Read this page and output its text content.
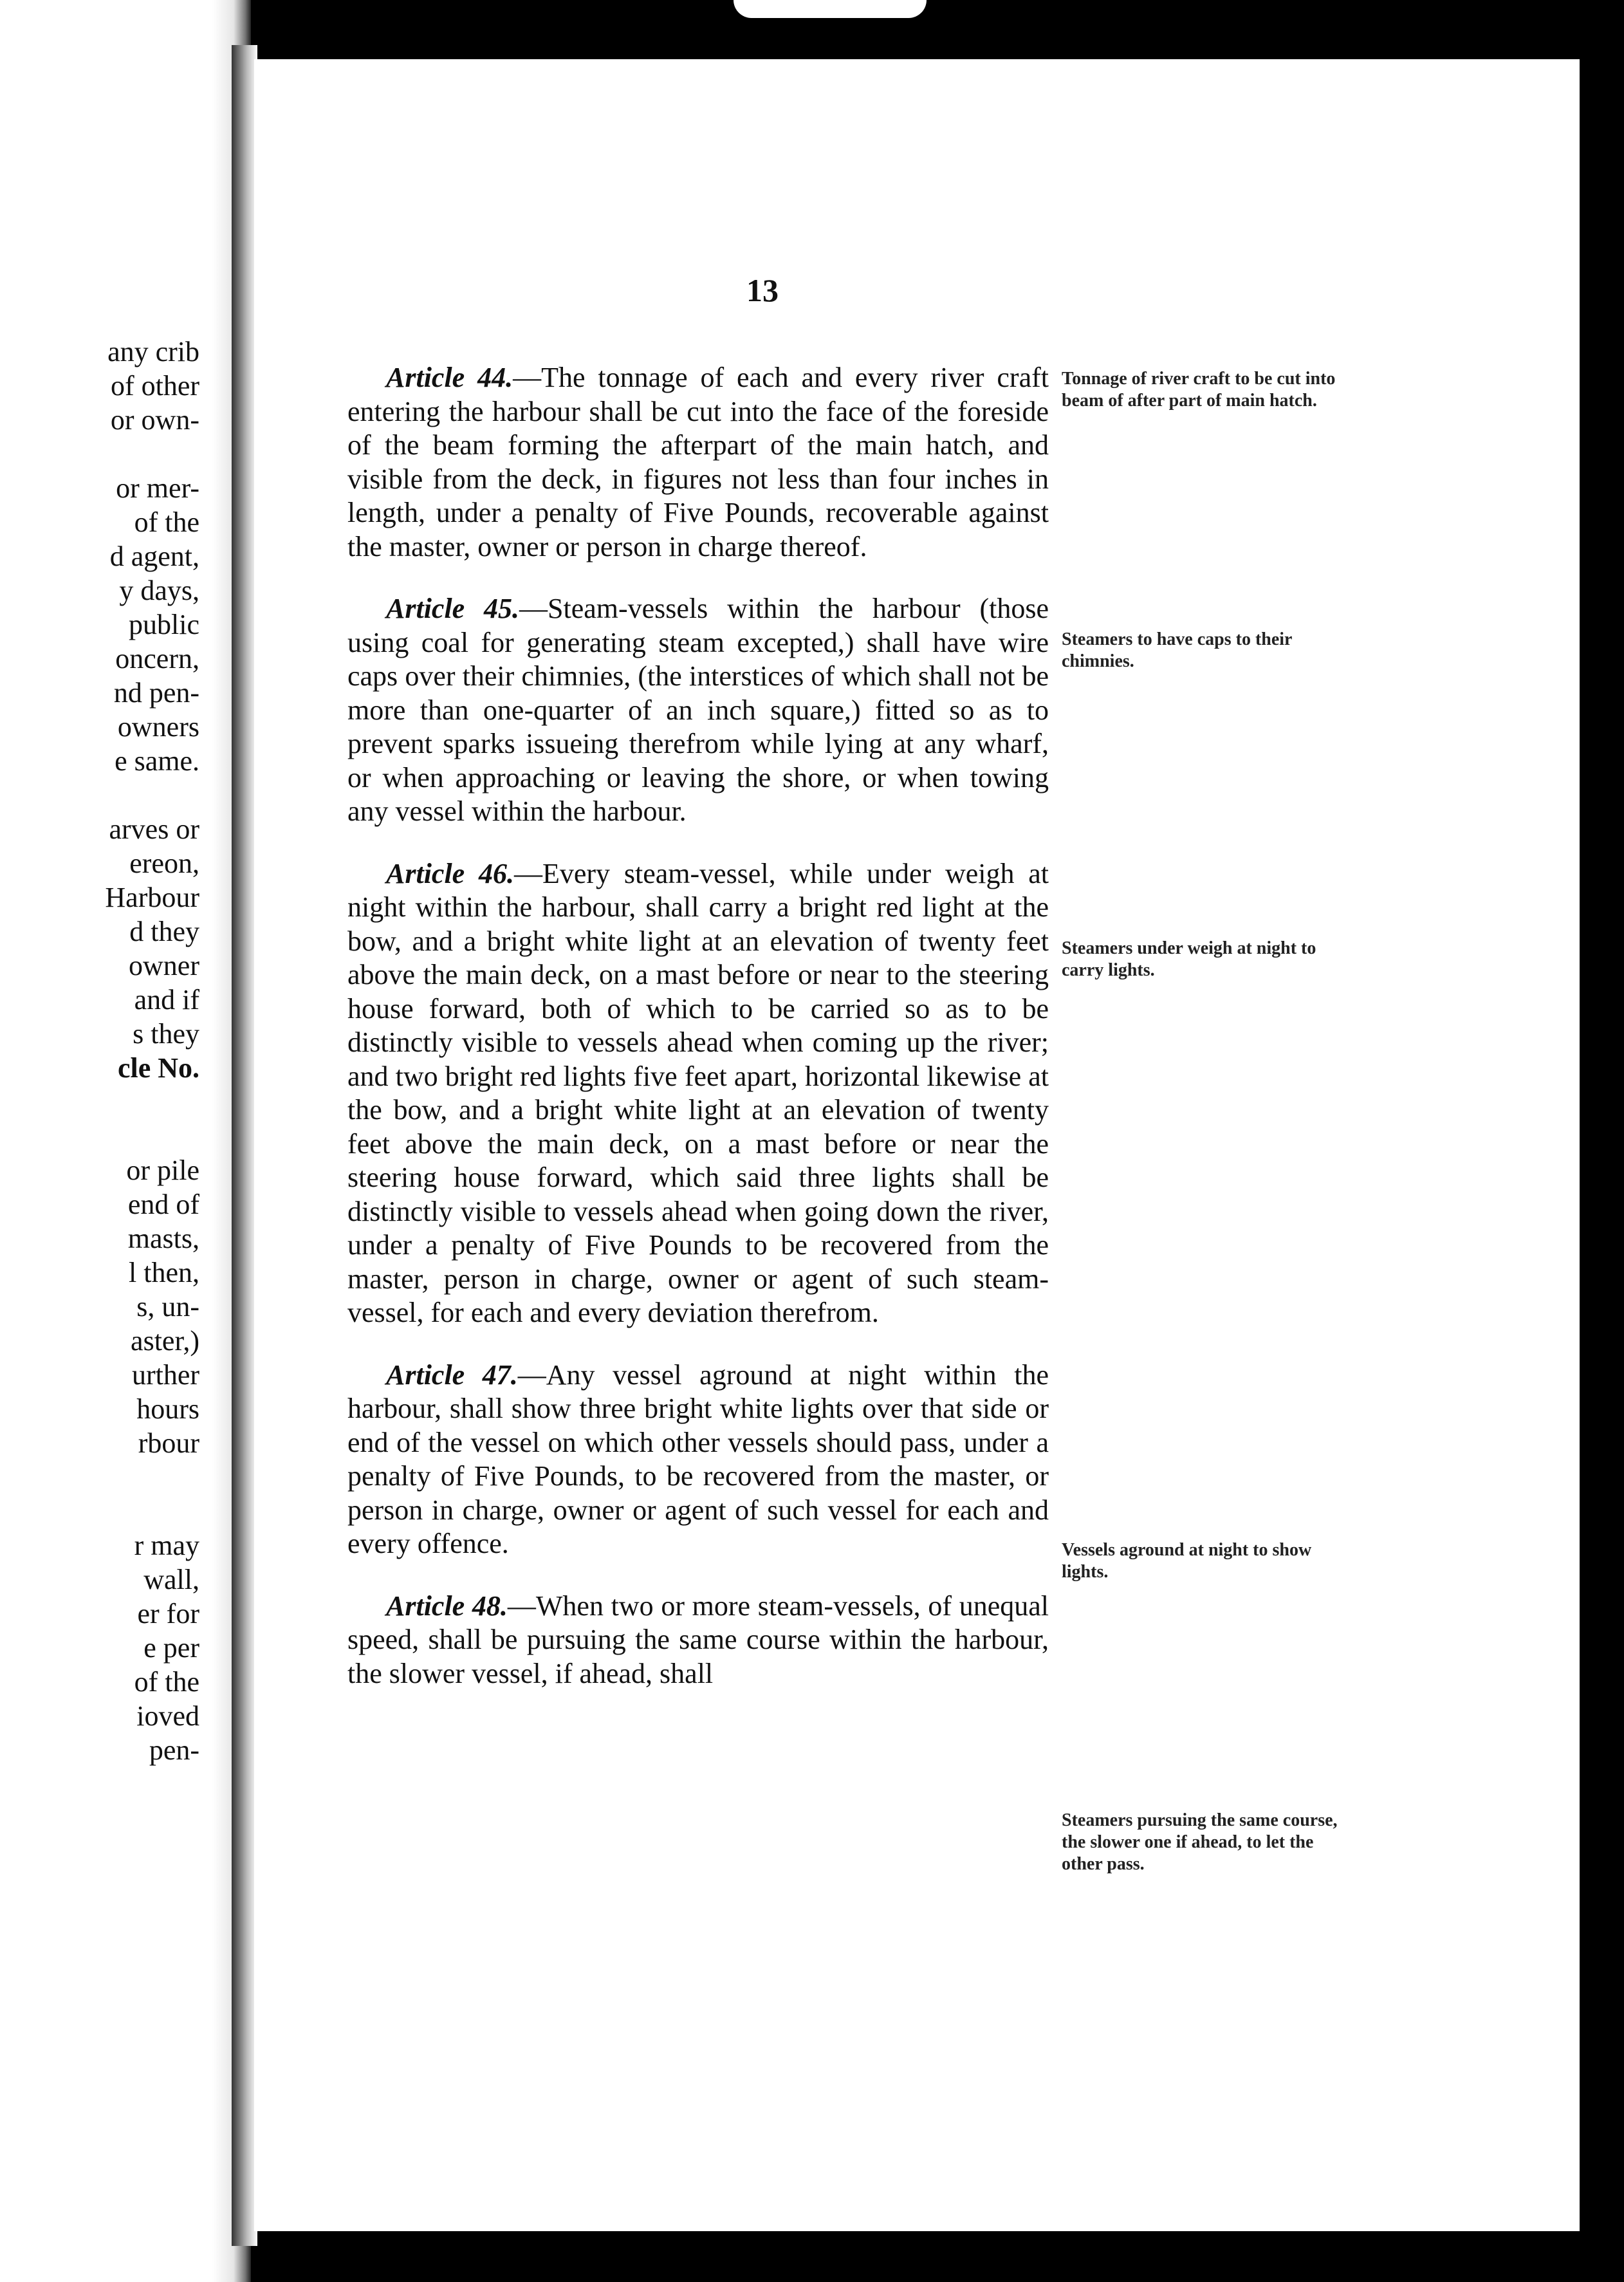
any crib
of other
or own-
or mer-
of the
d agent,
y days,
public
oncern,
nd pen-
owners
e same.
arves or
ereon,
Harbour
d they
owner
and if
s they
cle No.
or pile
end of
masts,
l then,
s, un-
aster,)
urther
hours
rbour
r may
wall,
er for
e per
of the
ioved
pen-
13

Article 44.—The tonnage of each and every river craft entering the harbour shall be cut into the face of the foreside of the beam forming the afterpart of the main hatch, and visible from the deck, in figures not less than four inches in length, under a penalty of Five Pounds, recoverable against the master, owner or person in charge thereof.

Article 45.—Steam-vessels within the harbour (those using coal for generating steam excepted,) shall have wire caps over their chimnies, (the interstices of which shall not be more than one-quarter of an inch square,) fitted so as to prevent sparks issueing therefrom while lying at any wharf, or when approaching or leaving the shore, or when towing any vessel within the harbour.

Article 46.—Every steam-vessel, while under weigh at night within the harbour, shall carry a bright red light at the bow, and a bright white light at an elevation of twenty feet above the main deck, on a mast before or near to the steering house forward, both of which to be carried so as to be distinctly visible to vessels ahead when coming up the river; and two bright red lights five feet apart, horizontal likewise at the bow, and a bright white light at an elevation of twenty feet above the main deck, on a mast before or near the steering house forward, which said three lights shall be distinctly visible to vessels ahead when going down the river, under a penalty of Five Pounds to be recovered from the master, person in charge, owner or agent of such steam-vessel, for each and every deviation therefrom.

Article 47.—Any vessel aground at night within the harbour, shall show three bright white lights over that side or end of the vessel on which other vessels should pass, under a penalty of Five Pounds, to be recovered from the master, or person in charge, owner or agent of such vessel for each and every offence.

Article 48.—When two or more steam-vessels, of unequal speed, shall be pursuing the same course within the harbour, the slower vessel, if ahead, shall

Tonnage of river craft to be cut into beam of after part of main hatch.
Steamers to have caps to their chimnies.
Steamers under weigh at night to carry lights.
Vessels aground at night to show lights.
Steamers pursuing the same course, the slower one if ahead, to let the other pass.
